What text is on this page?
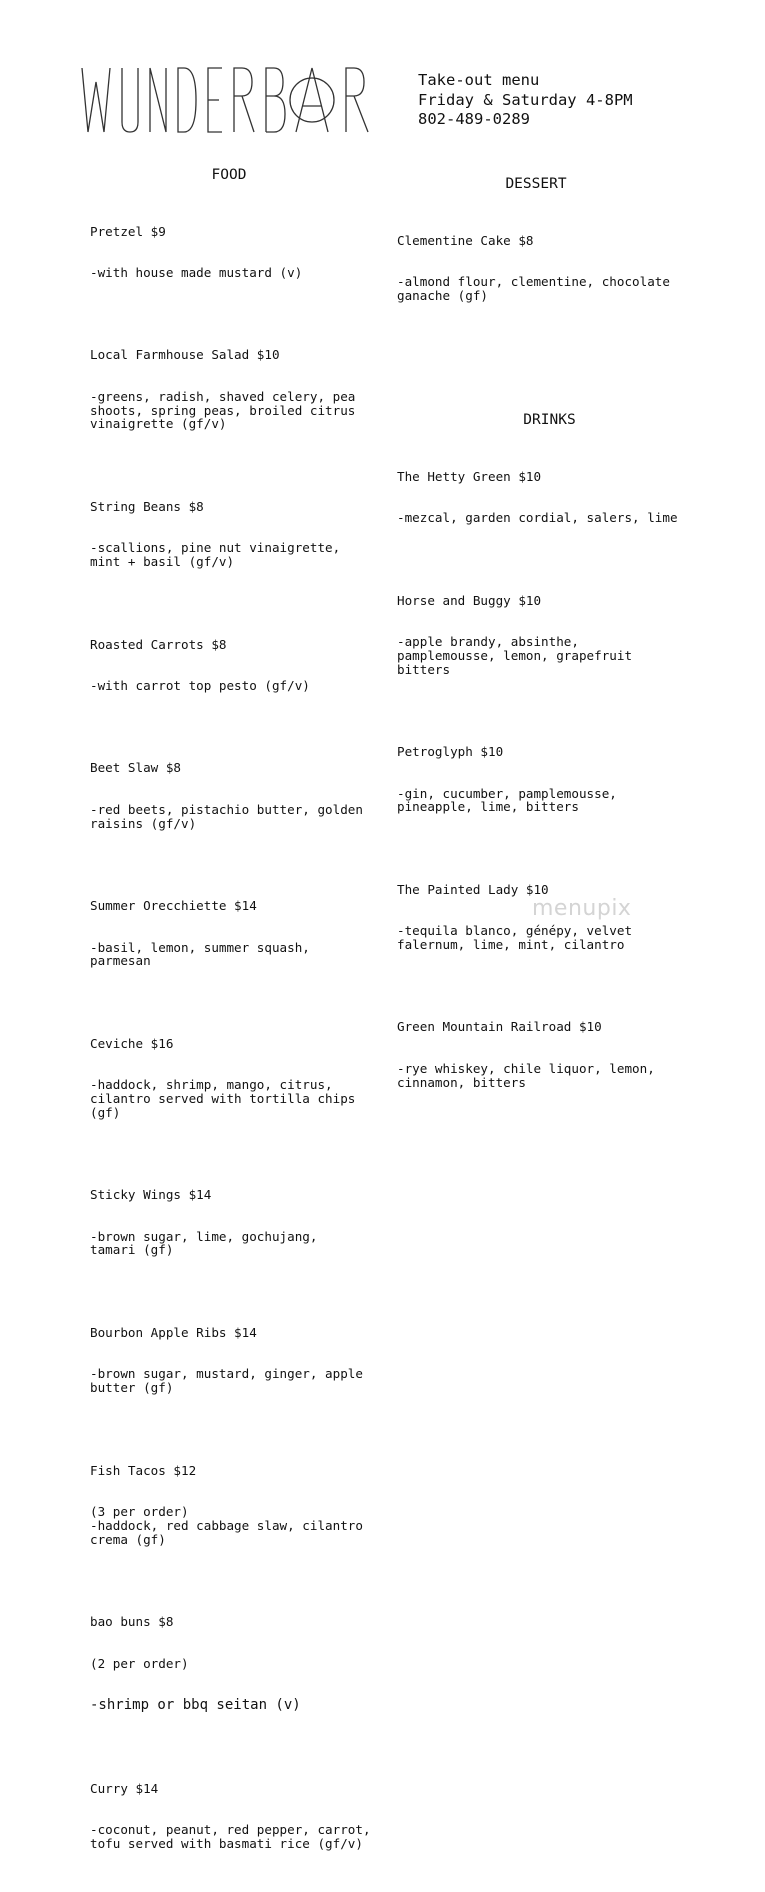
Take-out menu
Friday & Saturday 4-8PM
802-489-0289
FOOD

Pretzel $9

-with house made mustard (v)

Local Farmhouse Salad $10

-greens, radish, shaved celery, pea
shoots, spring peas, broiled citrus
vinaigrette (gf/v)

String Beans $8

-scallions, pine nut vinaigrette,
mint + basil (gf/v)

Roasted Carrots $8

-with carrot top pesto (gf/v)

Beet Slaw $8

-red beets, pistachio butter, golden
raisins (gf/v)

Summer Orecchiette $14

-basil, lemon, summer squash,
parmesan

Ceviche $16

-haddock, shrimp, mango, citrus,
cilantro served with tortilla chips
(gf)

Sticky Wings $14

-brown sugar, lime, gochujang,
tamari (gf)

Bourbon Apple Ribs $14

-brown sugar, mustard, ginger, apple
butter (gf)

Fish Tacos $12

(3 per order)
-haddock, red cabbage slaw, cilantro
crema (gf)

bao buns $8

(2 per order)

-shrimp or bbq seitan (v)

Curry $14

-coconut, peanut, red pepper, carrot,
tofu served with basmati rice (gf/v)

DESSERT

Clementine Cake $8

-almond flour, clementine, chocolate
ganache (gf)

DRINKS

The Hetty Green $10

-mezcal, garden cordial, salers, lime

Horse and Buggy $10

-apple brandy, absinthe,
pamplemousse, lemon, grapefruit
bitters

Petroglyph $10

-gin, cucumber, pamplemousse,
pineapple, lime, bitters

The Painted Lady $10

-tequila blanco, génépy, velvet
falernum, lime, mint, cilantro

Green Mountain Railroad $10

-rye whiskey, chile liquor, lemon,
cinnamon, bitters

menupix
